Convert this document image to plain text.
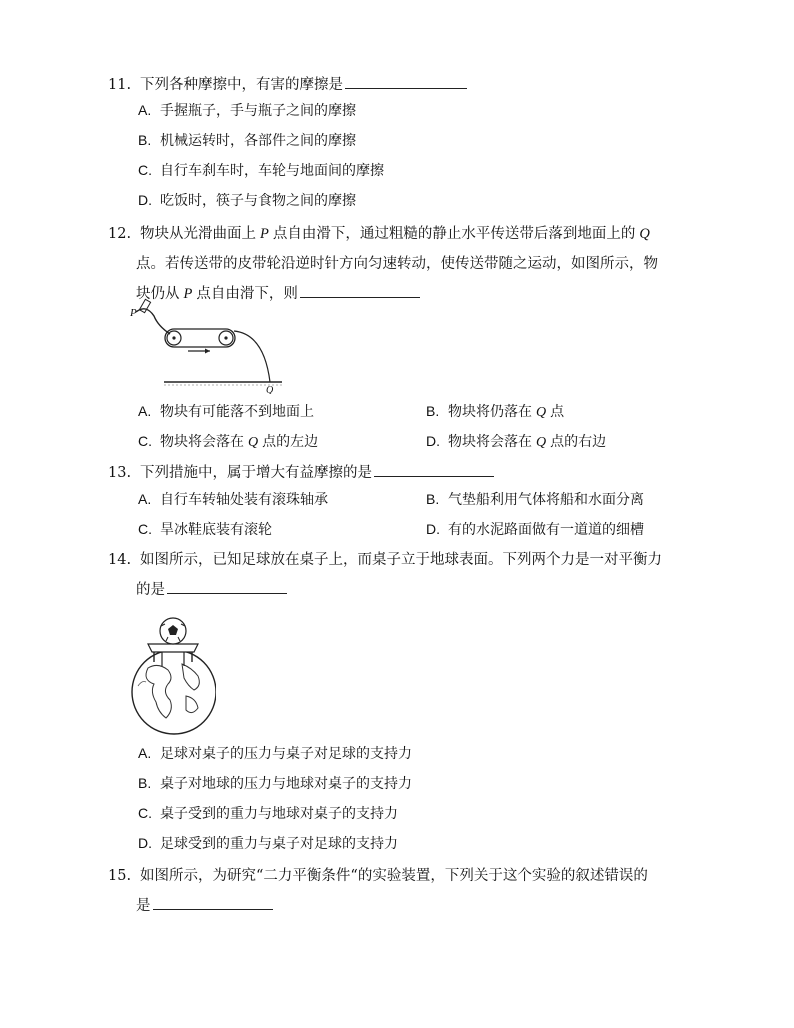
11. 下列各种摩擦中，有害的摩擦是
A. 手握瓶子，手与瓶子之间的摩擦
B. 机械运转时，各部件之间的摩擦
C. 自行车刹车时，车轮与地面间的摩擦
D. 吃饭时，筷子与食物之间的摩擦
12. 物块从光滑曲面上 P 点自由滑下，通过粗糙的静止水平传送带后落到地面上的 Q
点。若传送带的皮带轮沿逆时针方向匀速转动，使传送带随之运动，如图所示，物
块仍从 P 点自由滑下，则
P
Q
A. 物块有可能落不到地面上	B. 物块将仍落在 Q 点
C. 物块将会落在 Q 点的左边	D. 物块将会落在 Q 点的右边
13. 下列措施中，属于增大有益摩擦的是
A. 自行车转轴处装有滚珠轴承	B. 气垫船利用气体将船和水面分离
C. 旱冰鞋底装有滚轮	D. 有的水泥路面做有一道道的细槽
14. 如图所示，已知足球放在桌子上，而桌子立于地球表面。下列两个力是一对平衡力
的是
A. 足球对桌子的压力与桌子对足球的支持力
B. 桌子对地球的压力与地球对桌子的支持力
C. 桌子受到的重力与地球对桌子的支持力
D. 足球受到的重力与桌子对足球的支持力
15. 如图所示，为研究“二力平衡条件“的实验装置，下列关于这个实验的叙述错误的
是
